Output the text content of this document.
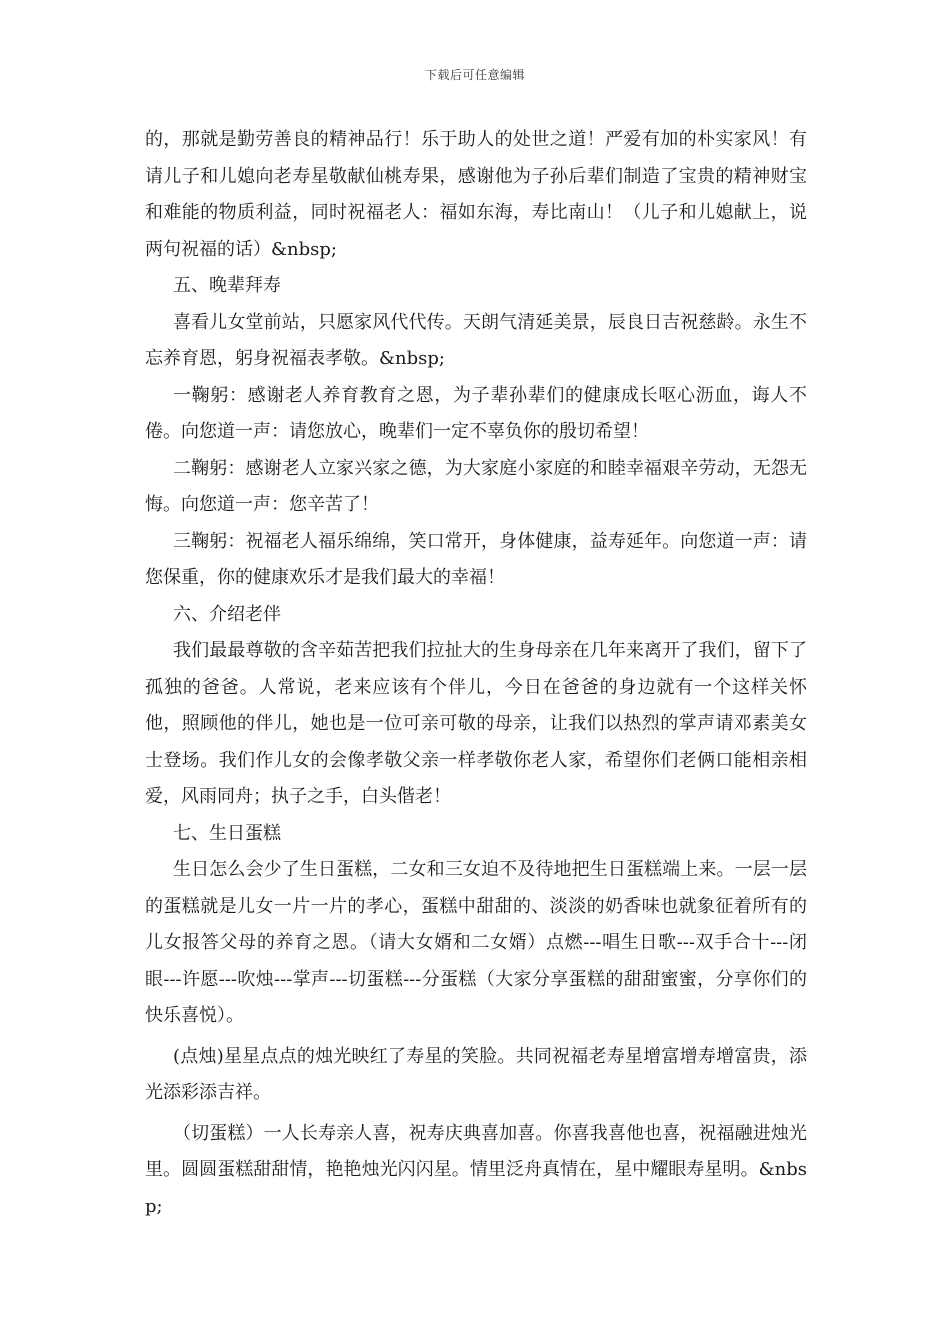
下载后可任意编辑

的，那就是勤劳善良的精神品行！乐于助人的处世之道！严爱有加的朴实家风！有请儿子和儿媳向老寿星敬献仙桃寿果，感谢他为子孙后辈们制造了宝贵的精神财宝和难能的物质利益，同时祝福老人：福如东海，寿比南山！（儿子和儿媳献上，说两句祝福的话）&nbsp;

五、晚辈拜寿

喜看儿女堂前站，只愿家风代代传。天朗气清延美景，辰良日吉祝慈龄。永生不忘养育恩，躬身祝福表孝敬。&nbsp;

一鞠躬：感谢老人养育教育之恩，为子辈孙辈们的健康成长呕心沥血，诲人不倦。向您道一声：请您放心，晚辈们一定不辜负你的殷切希望！

二鞠躬：感谢老人立家兴家之德，为大家庭小家庭的和睦幸福艰辛劳动，无怨无悔。向您道一声：您辛苦了！

三鞠躬：祝福老人福乐绵绵，笑口常开，身体健康，益寿延年。向您道一声：请您保重，你的健康欢乐才是我们最大的幸福！

六、介绍老伴

我们最最尊敬的含辛茹苦把我们拉扯大的生身母亲在几年来离开了我们，留下了孤独的爸爸。人常说，老来应该有个伴儿，今日在爸爸的身边就有一个这样关怀他，照顾他的伴儿，她也是一位可亲可敬的母亲，让我们以热烈的掌声请邓素美女士登场。我们作儿女的会像孝敬父亲一样孝敬你老人家，希望你们老俩口能相亲相爱，风雨同舟；执子之手，白头偕老！

七、生日蛋糕

生日怎么会少了生日蛋糕，二女和三女迫不及待地把生日蛋糕端上来。一层一层的蛋糕就是儿女一片一片的孝心，蛋糕中甜甜的、淡淡的奶香味也就象征着所有的儿女报答父母的养育之恩。（请大女婿和二女婿）点燃---唱生日歌---双手合十---闭眼---许愿---吹烛---掌声---切蛋糕---分蛋糕（大家分享蛋糕的甜甜蜜蜜，分享你们的快乐喜悦）。

(点烛)星星点点的烛光映红了寿星的笑脸。共同祝福老寿星增富增寿增富贵，添光添彩添吉祥。

（切蛋糕）一人长寿亲人喜，祝寿庆典喜加喜。你喜我喜他也喜，祝福融进烛光里。圆圆蛋糕甜甜情，艳艳烛光闪闪星。情里泛舟真情在，星中耀眼寿星明。&nbsp;
